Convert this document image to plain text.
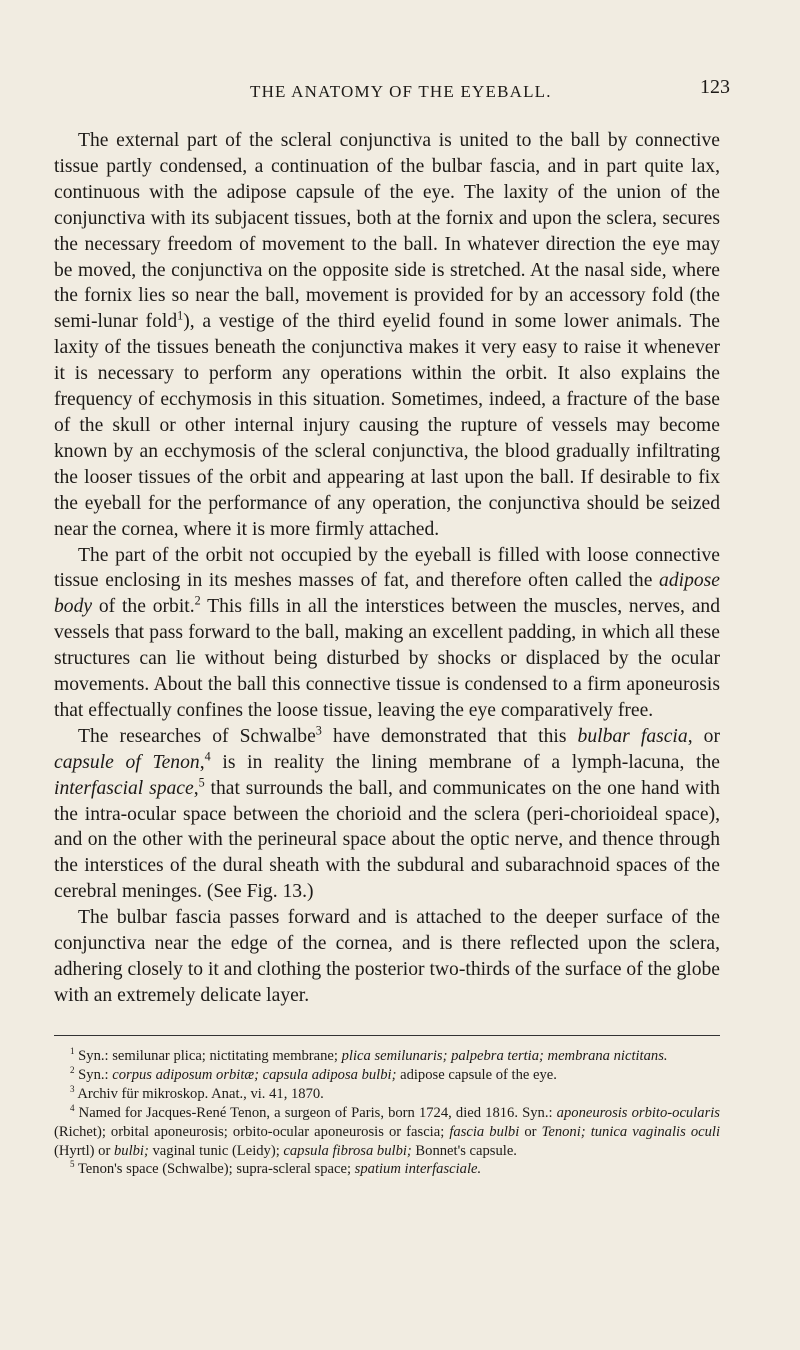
THE ANATOMY OF THE EYEBALL.	123

The external part of the scleral conjunctiva is united to the ball by connective tissue partly condensed, a continuation of the bulbar fascia, and in part quite lax, continuous with the adipose capsule of the eye. The laxity of the union of the conjunctiva with its subjacent tissues, both at the fornix and upon the sclera, secures the necessary freedom of movement to the ball. In whatever direction the eye may be moved, the conjunctiva on the opposite side is stretched. At the nasal side, where the fornix lies so near the ball, movement is provided for by an accessory fold (the semi-lunar fold$^1$), a vestige of the third eyelid found in some lower animals. The laxity of the tissues beneath the conjunctiva makes it very easy to raise it whenever it is necessary to perform any operations within the orbit. It also explains the frequency of ecchymosis in this situation. Sometimes, indeed, a fracture of the base of the skull or other internal injury causing the rupture of vessels may become known by an ecchymosis of the scleral conjunctiva, the blood gradually infiltrating the looser tissues of the orbit and appearing at last upon the ball. If desirable to fix the eyeball for the performance of any operation, the conjunctiva should be seized near the cornea, where it is more firmly attached.

The part of the orbit not occupied by the eyeball is filled with loose connective tissue enclosing in its meshes masses of fat, and therefore often called the adipose body of the orbit.$^2$ This fills in all the interstices between the muscles, nerves, and vessels that pass forward to the ball, making an excellent padding, in which all these structures can lie without being disturbed by shocks or displaced by the ocular movements. About the ball this connective tissue is condensed to a firm aponeurosis that effectually confines the loose tissue, leaving the eye comparatively free.

The researches of Schwalbe$^3$ have demonstrated that this bulbar fascia, or capsule of Tenon,$^4$ is in reality the lining membrane of a lymph-lacuna, the interfascial space,$^5$ that surrounds the ball, and communicates on the one hand with the intra-ocular space between the chorioid and the sclera (peri-chorioideal space), and on the other with the perineural space about the optic nerve, and thence through the interstices of the dural sheath with the subdural and subarachnoid spaces of the cerebral meninges. (See Fig. 13.)

The bulbar fascia passes forward and is attached to the deeper surface of the conjunctiva near the edge of the cornea, and is there reflected upon the sclera, adhering closely to it and clothing the posterior two-thirds of the surface of the globe with an extremely delicate layer.

$^1$ Syn.: semilunar plica; nictitating membrane; plica semilunaris; palpebra tertia; membrana nictitans.

$^2$ Syn.: corpus adiposum orbitæ; capsula adiposa bulbi; adipose capsule of the eye.

$^3$ Archiv für mikroskop. Anat., vi. 41, 1870.

$^4$ Named for Jacques-René Tenon, a surgeon of Paris, born 1724, died 1816. Syn.: aponeurosis orbito-ocularis (Richet); orbital aponeurosis; orbito-ocular aponeurosis or fascia; fascia bulbi or Tenoni; tunica vaginalis oculi (Hyrtl) or bulbi; vaginal tunic (Leidy); capsula fibrosa bulbi; Bonnet's capsule.

$^5$ Tenon's space (Schwalbe); supra-scleral space; spatium interfasciale.
